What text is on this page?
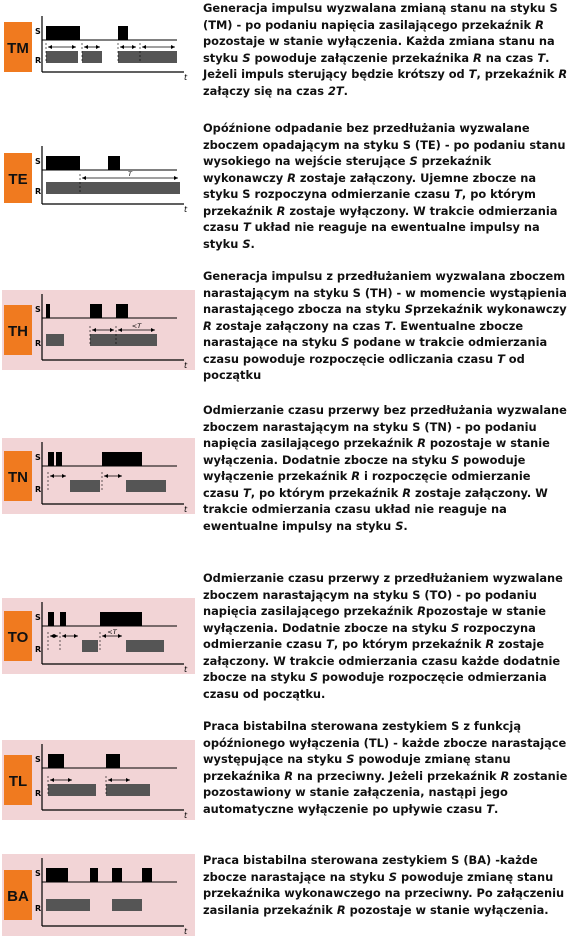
TM
S
R
t
Generacja impulsu wyzwalana zmianą stanu na styku S (TM) - po podaniu napięcia zasilającego przekaźnik R pozostaje w stanie wyłączenia. Każda zmiana stanu na styku S powoduje załączenie przekaźnika R na czas T. Jeżeli impuls sterujący będzie krótszy od T, przekaźnik R załączy się na czas 2T.
TE
S
R
t
T
Opóźnione odpadanie bez przedłużania wyzwalane zboczem opadającym na styku S (TE) - po podaniu stanu wysokiego na wejście sterujące S przekaźnik wykonawczy R zostaje załączony. Ujemne zbocze na styku S rozpoczyna odmierzanie czasu T, po którym przekaźnik R zostaje wyłączony. W trakcie odmierzania czasu T układ nie reaguje na ewentualne impulsy na styku S.
TH
S
R
t
<T
Generacja impulsu z przedłużaniem wyzwalana zboczem narastającym na styku S (TH) - w momencie wystąpienia narastającego zbocza na styku Sprzekaźnik wykonawczy R zostaje załączony na czas T. Ewentualne zbocze narastające na styku S podane w trakcie odmierzania czasu powoduje rozpoczęcie odliczania czasu T od początku
TN
S
R
t
Odmierzanie czasu przerwy bez przedłużania wyzwalane zboczem narastającym na styku S (TN) - po podaniu napięcia zasilającego przekaźnik R pozostaje w stanie wyłączenia. Dodatnie zbocze na styku S powoduje wyłączenie przekaźnik R i rozpoczęcie odmierzanie czasu T, po którym przekaźnik R zostaje załączony. W trakcie odmierzania czasu układ nie reaguje na ewentualne impulsy na styku S.
TO
S
R
t
<T
Odmierzanie czasu przerwy z przedłużaniem wyzwalane zboczem narastającym na styku S (TO) - po podaniu napięcia zasilającego przekaźnik Rpozostaje w stanie wyłączenia. Dodatnie zbocze na styku S rozpoczyna odmierzanie czasu T, po którym przekaźnik R zostaje załączony. W trakcie odmierzania czasu każde dodatnie zbocze na styku S powoduje rozpoczęcie odmierzania czasu od początku.
TL
S
R
t
Praca bistabilna sterowana zestykiem S z funkcją opóźnionego wyłączenia (TL) - każde zbocze narastające występujące na styku S powoduje zmianę stanu przekaźnika R na przeciwny. Jeżeli przekaźnik R zostanie pozostawiony w stanie załączenia, nastąpi jego automatyczne wyłączenie po upływie czasu T.
BA
S
R
t
Praca bistabilna sterowana zestykiem S (BA) -każde zbocze narastające na styku S powoduje zmianę stanu przekaźnika wykonawczego na przeciwny. Po załączeniu zasilania przekaźnik R pozostaje w stanie wyłączenia.
